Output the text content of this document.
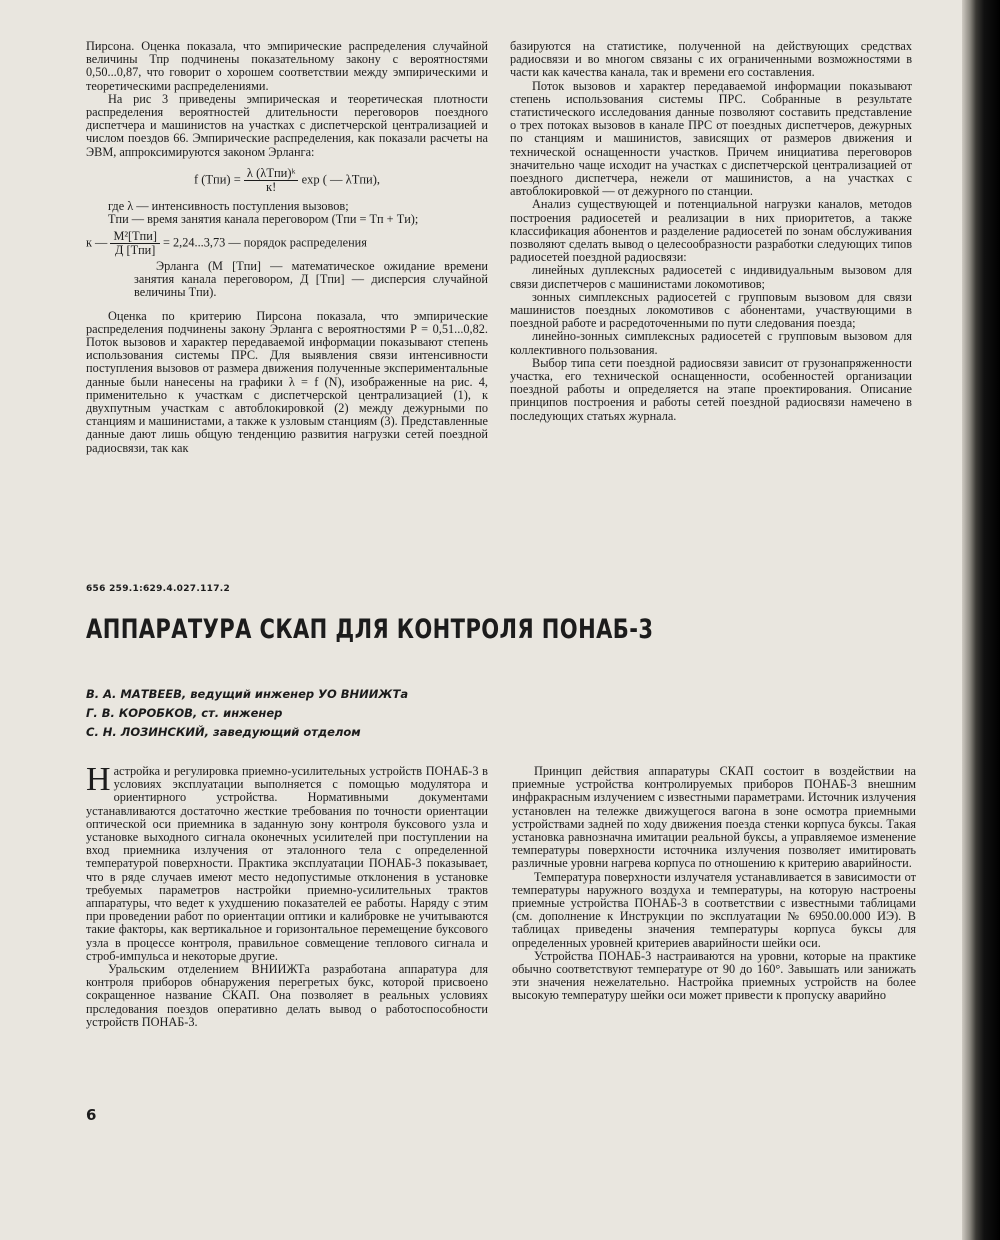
Пирсона. Оценка показала, что эмпирические распределения случайной величины Тпр подчинены показательному закону с вероятностями 0,50...0,87, что говорит о хорошем соответствии между эмпирическими и теоретическими распределениями.

На рис 3 приведены эмпирическая и теоретическая плотности распределения вероятностей длительности переговоров поездного диспетчера и машинистов на участках с диспетчерской централизацией и числом поездов 66. Эмпирические распределения, как показали расчеты на ЭВМ, аппроксимируются законом Эрланга:

f $(Tпи) = \frac{\text{λ (λTпи)ᵏ}}{к!}$ exp ( — λTпи),

где λ — интенсивность поступления вызовов;

Tпи — время занятия канала переговором (Tпи = Tп + Tи);

к — $\frac{\text{M²[Tпи]}}{\text{Д [Tпи]}} = 2,24...3,73$ — порядок распределения

Эрланга (M [Tпи] — математическое ожидание времени занятия канала переговором, Д [Tпи] — дисперсия случайной величины Tпи).

Оценка по критерию Пирсона показала, что эмпирические распределения подчинены закону Эрланга с вероятностями P = 0,51...0,82. Поток вызовов и характер передаваемой информации показывают степень использования системы ПРС. Для выявления связи интенсивности поступления вызовов от размера движения полученные экспериментальные данные были нанесены на графики λ = f (N), изображенные на рис. 4, применительно к участкам с диспетчерской централизацией (1), к двухпутным участкам с автоблокировкой (2) между дежурными по станциям и машинистами, а также к узловым станциям (3). Представленные данные дают лишь общую тенденцию развития нагрузки сетей поездной радиосвязи, так как

базируются на статистике, полученной на действующих средствах радиосвязи и во многом связаны с их ограниченными возможностями в части как качества канала, так и времени его составления.

Поток вызовов и характер передаваемой информации показывают степень использования системы ПРС. Собранные в результате статистического исследования данные позволяют составить представление о трех потоках вызовов в канале ПРС от поездных диспетчеров, дежурных по станциям и машинистов, зависящих от размеров движения и технической оснащенности участков. Причем инициатива переговоров значительно чаще исходит на участках с диспетчерской централизацией от поездного диспетчера, нежели от машинистов, а на участках с автоблокировкой — от дежурного по станции.

Анализ существующей и потенциальной нагрузки каналов, методов построения радиосетей и реализации в них приоритетов, а также классификация абонентов и разделение радиосетей по зонам обслуживания позволяют сделать вывод о целесообразности разработки следующих типов радиосетей поездной радиосвязи:

линейных дуплексных радиосетей с индивидуальным вызовом для связи диспетчеров с машинистами локомотивов;

зонных симплексных радиосетей с групповым вызовом для связи машинистов поездных локомотивов с абонентами, участвующими в поездной работе и расредоточенными по пути следования поезда;

линейно-зонных симплексных радиосетей с групповым вызовом для коллективного пользования.

Выбор типа сети поездной радиосвязи зависит от грузонапряженности участка, его технической оснащенности, особенностей организации поездной работы и определяется на этапе проектирования. Описание принципов построения и работы сетей поездной радиосвязи намечено в последующих статьях журнала.

656 259.1:629.4.027.117.2
АППАРАТУРА СКАП ДЛЯ КОНТРОЛЯ ПОНАБ-3
В. А. МАТВЕЕВ, ведущий инженер УО ВНИИЖТа
Г. В. КОРОБКОВ, ст. инженер
С. Н. ЛОЗИНСКИЙ, заведующий отделом

Настройка и регулировка приемно-усилительных устройств ПОНАБ-3 в условиях эксплуатации выполняется с помощью модулятора и ориентирного устройства. Нормативными документами устанавливаются достаточно жесткие требования по точности ориентации оптической оси приемника в заданную зону контроля буксового узла и установке выходного сигнала оконечных усилителей при поступлении на вход приемника излучения от эталонного тела с определенной температурой поверхности. Практика эксплуатации ПОНАБ-3 показывает, что в ряде случаев имеют место недопустимые отклонения в установке требуемых параметров настройки приемно-усилительных трактов аппаратуры, что ведет к ухудшению показателей ее работы. Наряду с этим при проведении работ по ориентации оптики и калибровке не учитываются такие факторы, как вертикальное и горизонтальное перемещение буксового узла в процессе контроля, правильное совмещение теплового сигнала и строб-импульса и некоторые другие.

Уральским отделением ВНИИЖТа разработана аппаратура для контроля приборов обнаружения перегретых букс, которой присвоено сокращенное название СКАП. Она позволяет в реальных условиях прследования поездов оперативно делать вывод о работоспособности устройств ПОНАБ-3.

Принцип действия аппаратуры СКАП состоит в воздействии на приемные устройства контролируемых приборов ПОНАБ-3 внешним инфракрасным излучением с известными параметрами. Источник излучения установлен на тележке движущегося вагона в зоне осмотра приемными устройствами задней по ходу движения поезда стенки корпуса буксы. Такая установка равнозначна имитации реальной буксы, а управляемое изменение температуры поверхности источника излучения позволяет имитировать различные уровни нагрева корпуса по отношению к критерию аварийности.

Температура поверхности излучателя устанавливается в зависимости от температуры наружного воздуха и температуры, на которую настроены приемные устройства ПОНАБ-3 в соответствии с известными таблицами (см. дополнение к Инструкции по эксплуатации № 6950.00.000 ИЭ). В таблицах приведены значения температуры корпуса буксы для определенных уровней критериев аварийности шейки оси.

Устройства ПОНАБ-3 настраиваются на уровни, которые на практике обычно соответствуют температуре от 90 до 160°. Завышать или занижать эти значения нежелательно. Настройка приемных устройств на более высокую температуру шейки оси может привести к пропуску аварийно

6
